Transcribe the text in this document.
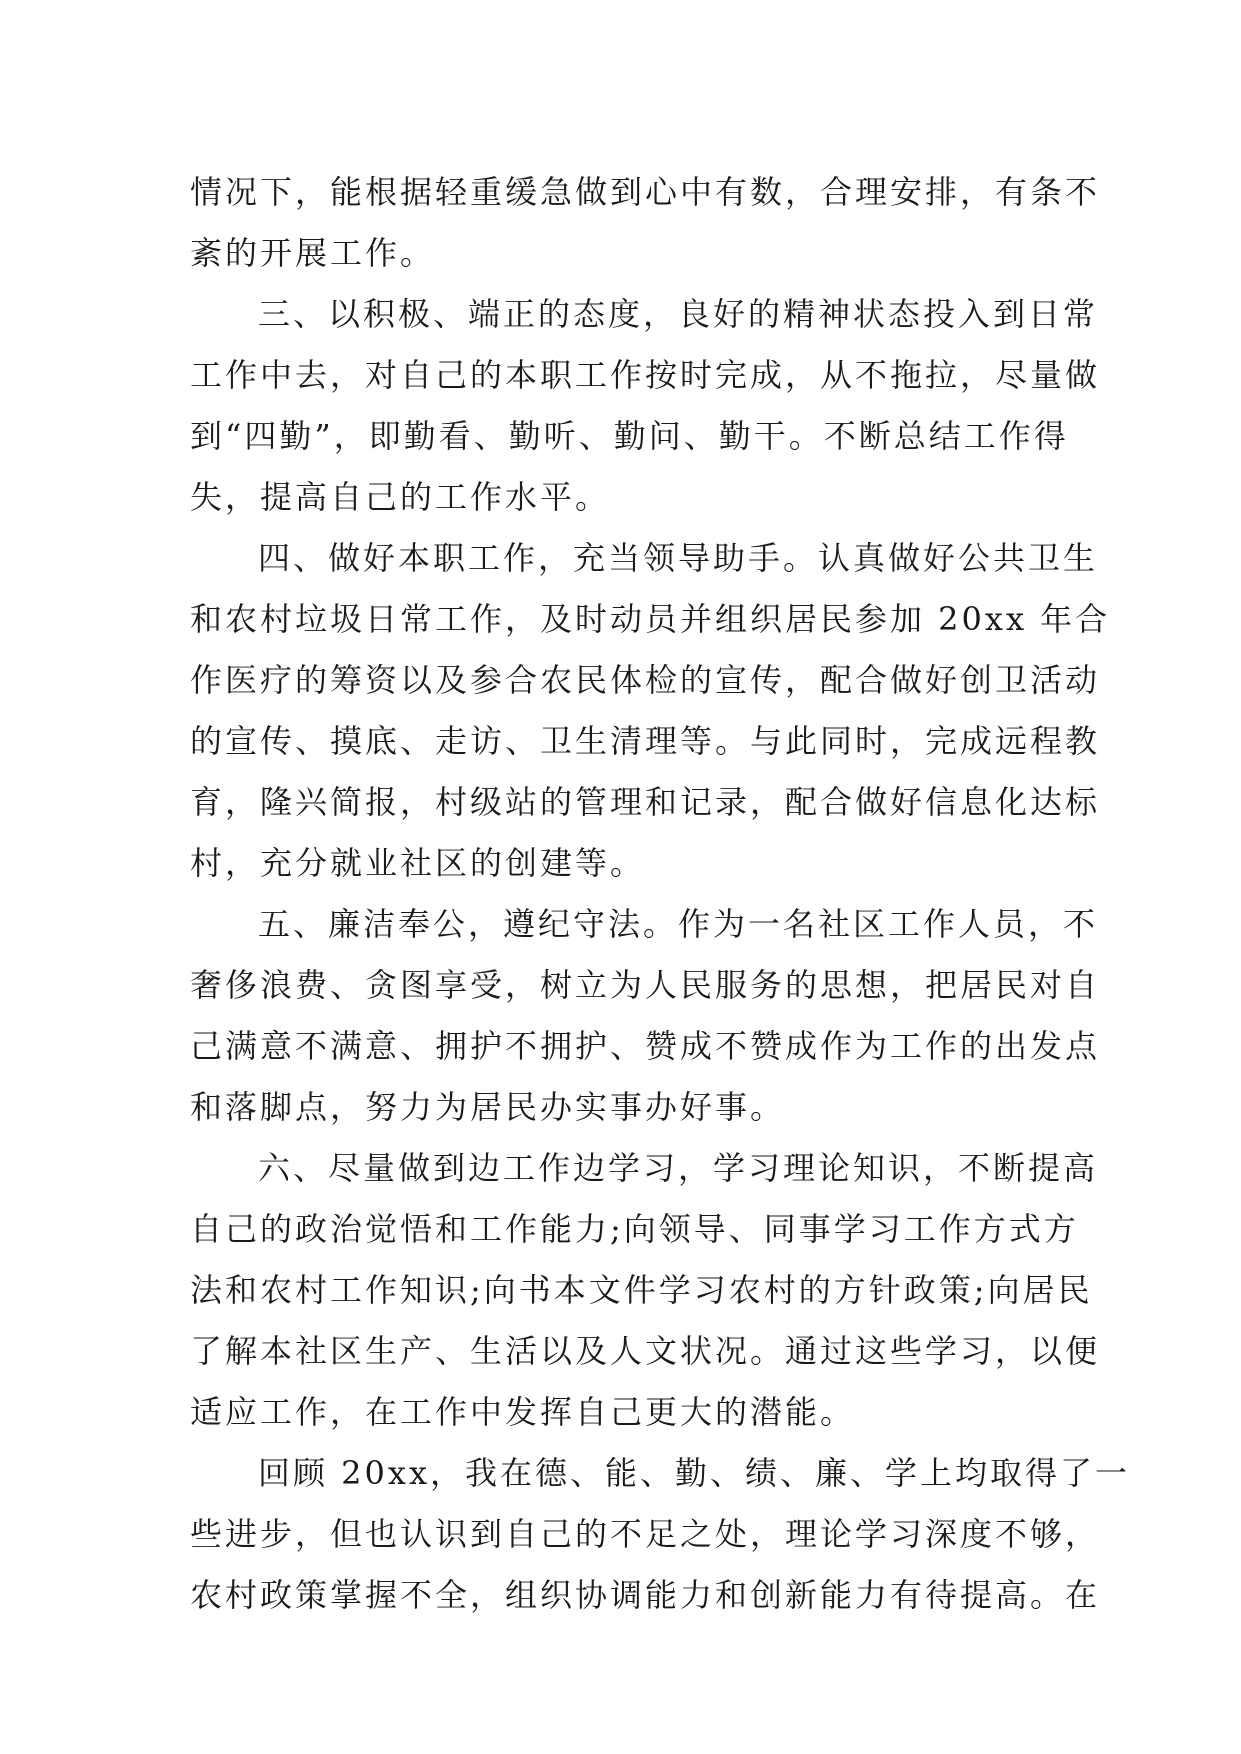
情况下，能根据轻重缓急做到心中有数，合理安排，有条不
紊的开展工作。
三、以积极、端正的态度，良好的精神状态投入到日常
工作中去，对自己的本职工作按时完成，从不拖拉，尽量做
到“四勤”，即勤看、勤听、勤问、勤干。不断总结工作得
失，提高自己的工作水平。
四、做好本职工作，充当领导助手。认真做好公共卫生
和农村垃圾日常工作，及时动员并组织居民参加 20xx 年合
作医疗的筹资以及参合农民体检的宣传，配合做好创卫活动
的宣传、摸底、走访、卫生清理等。与此同时，完成远程教
育，隆兴简报，村级站的管理和记录，配合做好信息化达标
村，充分就业社区的创建等。
五、廉洁奉公，遵纪守法。作为一名社区工作人员，不
奢侈浪费、贪图享受，树立为人民服务的思想，把居民对自
己满意不满意、拥护不拥护、赞成不赞成作为工作的出发点
和落脚点，努力为居民办实事办好事。
六、尽量做到边工作边学习，学习理论知识，不断提高
自己的政治觉悟和工作能力;向领导、同事学习工作方式方
法和农村工作知识;向书本文件学习农村的方针政策;向居民
了解本社区生产、生活以及人文状况。通过这些学习，以便
适应工作，在工作中发挥自己更大的潜能。
回顾 20xx，我在德、能、勤、绩、廉、学上均取得了一
些进步，但也认识到自己的不足之处，理论学习深度不够，
农村政策掌握不全，组织协调能力和创新能力有待提高。在
